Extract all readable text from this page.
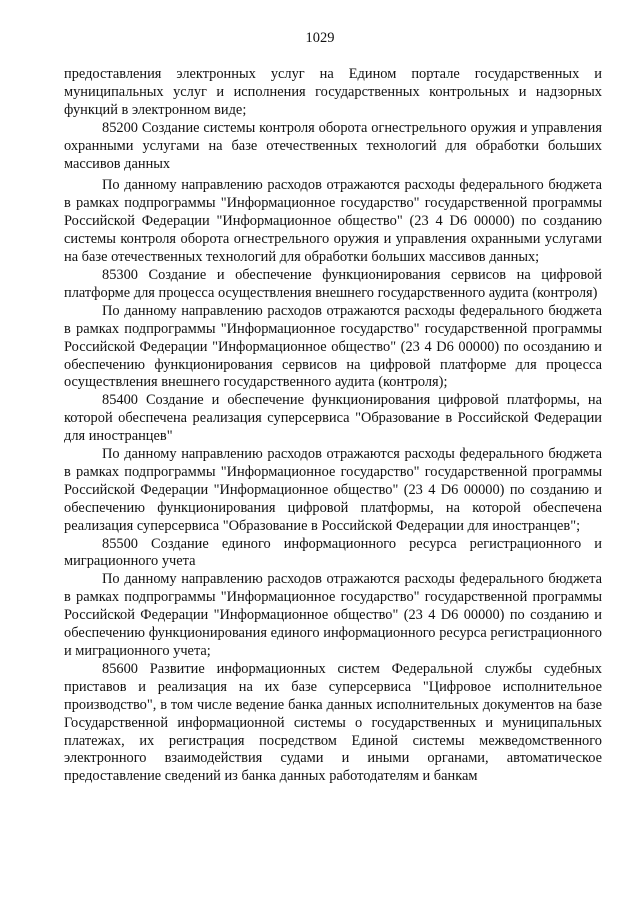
1029

предоставления электронных услуг на Едином портале государственных и муниципальных услуг и исполнения государственных контрольных и надзорных функций в электронном виде;

85200 Создание системы контроля оборота огнестрельного оружия и управления охранными услугами на базе отечественных технологий для обработки больших массивов данных

По данному направлению расходов отражаются расходы федерального бюджета в рамках подпрограммы "Информационное государство" государственной программы Российской Федерации "Информационное общество" (23 4 D6 00000) по созданию системы контроля оборота огнестрельного оружия и управления охранными услугами на базе отечественных технологий для обработки больших массивов данных;

85300 Создание и обеспечение функционирования сервисов на цифровой платформе для процесса осуществления внешнего государственного аудита (контроля)

По данному направлению расходов отражаются расходы федерального бюджета в рамках подпрограммы "Информационное государство" государственной программы Российской Федерации "Информационное общество" (23 4 D6 00000) по осозданию и обеспечению функционирования сервисов на цифровой платформе для процесса осуществления внешнего государственного аудита (контроля);

85400 Создание и обеспечение функционирования цифровой платформы, на которой обеспечена реализация суперсервиса "Образование в Российской Федерации для иностранцев"

По данному направлению расходов отражаются расходы федерального бюджета в рамках подпрограммы "Информационное государство" государственной программы Российской Федерации "Информационное общество" (23 4 D6 00000) по созданию и обеспечению функционирования цифровой платформы, на которой обеспечена реализация суперсервиса "Образование в Российской Федерации для иностранцев";

85500 Создание единого информационного ресурса регистрационного и миграционного учета

По данному направлению расходов отражаются расходы федерального бюджета в рамках подпрограммы "Информационное государство" государственной программы Российской Федерации "Информационное общество" (23 4 D6 00000) по созданию и обеспечению функционирования единого информационного ресурса регистрационного и миграционного учета;

85600 Развитие информационных систем Федеральной службы судебных приставов и реализация на их базе суперсервиса "Цифровое исполнительное производство", в том числе ведение банка данных исполнительных документов на базе Государственной информационной системы о государственных и муниципальных платежах, их регистрация посредством Единой системы межведомственного электронного взаимодействия судами и иными органами, автоматическое предоставление сведений из банка данных работодателям и банкам
